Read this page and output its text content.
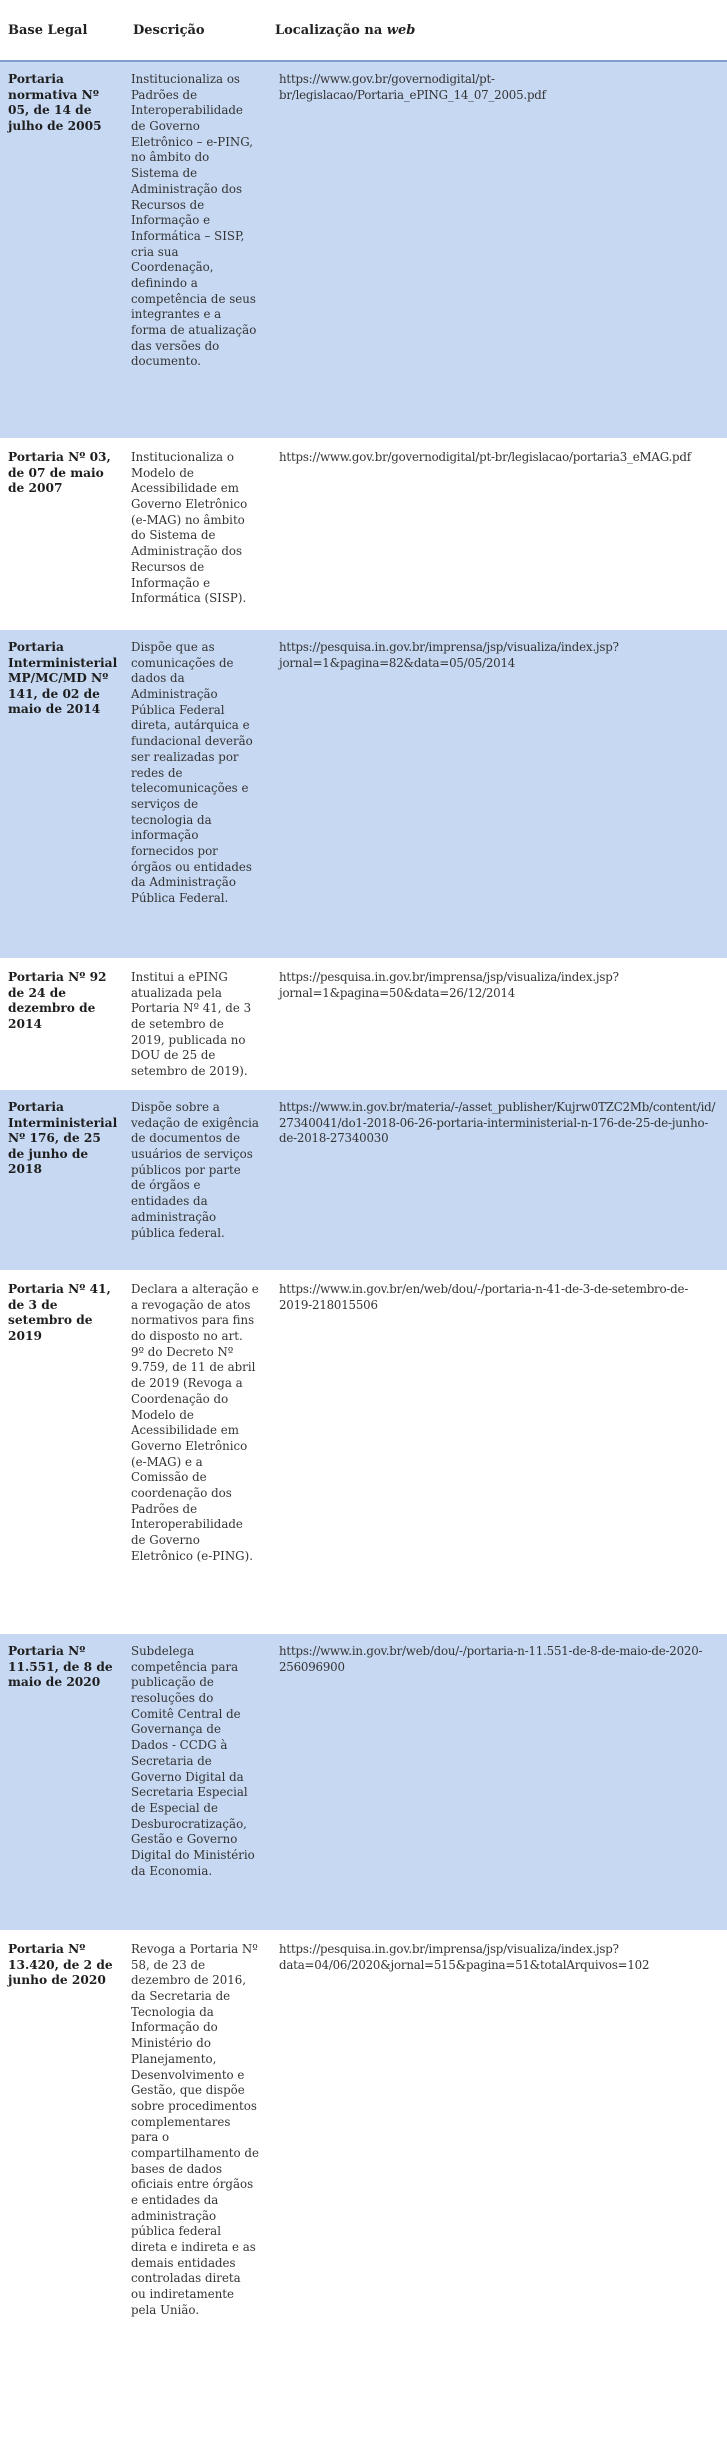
Base Legal	Descrição	Localização na web
Portaria normativa Nº 05, de 14 de julho de 2005	Institucionaliza os Padrões de Interoperabilidade de Governo Eletrônico – e-PING, no âmbito do Sistema de Administração dos Recursos de Informação e Informática – SISP, cria sua Coordenação, definindo a competência de seus integrantes e a forma de atualização das versões do documento.	https://www.gov.br/governodigital/pt-br/legislacao/Portaria_ePING_14_07_2005.pdf
Portaria Nº 03, de 07 de maio de 2007	Institucionaliza o Modelo de Acessibilidade em Governo Eletrônico (e-MAG) no âmbito do Sistema de Administração dos Recursos de Informação e Informática (SISP).	https://www.gov.br/governodigital/pt-br/legislacao/portaria3_eMAG.pdf
Portaria Interministerial MP/MC/MD Nº 141, de 02 de maio de 2014	Dispõe que as comunicações de dados da Administração Pública Federal direta, autárquica e fundacional deverão ser realizadas por redes de telecomunicações e serviços de tecnologia da informação fornecidos por órgãos ou entidades da Administração Pública Federal.	https://pesquisa.in.gov.br/imprensa/jsp/visualiza/index.jsp?jornal=1&pagina=82&data=05/05/2014
Portaria Nº 92 de 24 de dezembro de 2014	Institui a ePING atualizada pela Portaria Nº 41, de 3 de setembro de 2019, publicada no DOU de 25 de setembro de 2019).	https://pesquisa.in.gov.br/imprensa/jsp/visualiza/index.jsp?jornal=1&pagina=50&data=26/12/2014
Portaria Interministerial Nº 176, de 25 de junho de 2018	Dispõe sobre a vedação de exigência de documentos de usuários de serviços públicos por parte de órgãos e entidades da administração pública federal.	https://www.in.gov.br/materia/-/asset_publisher/Kujrw0TZC2Mb/content/id/27340041/do1-2018-06-26-portaria-interministerial-n-176-de-25-de-junho-de-2018-27340030
Portaria Nº 41, de 3 de setembro de 2019	Declara a alteração e a revogação de atos normativos para fins do disposto no art. 9º do Decreto Nº 9.759, de 11 de abril de 2019 (Revoga a Coordenação do Modelo de Acessibilidade em Governo Eletrônico (e-MAG) e a Comissão de coordenação dos Padrões de Interoperabilidade de Governo Eletrônico (e-PING).	https://www.in.gov.br/en/web/dou/-/portaria-n-41-de-3-de-setembro-de-2019-218015506
Portaria Nº 11.551, de 8 de maio de 2020	Subdelega competência para publicação de resoluções do Comitê Central de Governança de Dados - CCDG à Secretaria de Governo Digital da Secretaria Especial de Especial de Desburocratização, Gestão e Governo Digital do Ministério da Economia.	https://www.in.gov.br/web/dou/-/portaria-n-11.551-de-8-de-maio-de-2020-256096900
Portaria Nº 13.420, de 2 de junho de 2020	Revoga a Portaria Nº 58, de 23 de dezembro de 2016, da Secretaria de Tecnologia da Informação do Ministério do Planejamento, Desenvolvimento e Gestão, que dispõe sobre procedimentos complementares para o compartilhamento de bases de dados oficiais entre órgãos e entidades da administração pública federal direta e indireta e as demais entidades controladas direta ou indiretamente pela União.	https://pesquisa.in.gov.br/imprensa/jsp/visualiza/index.jsp?data=04/06/2020&jornal=515&pagina=51&totalArquivos=102
